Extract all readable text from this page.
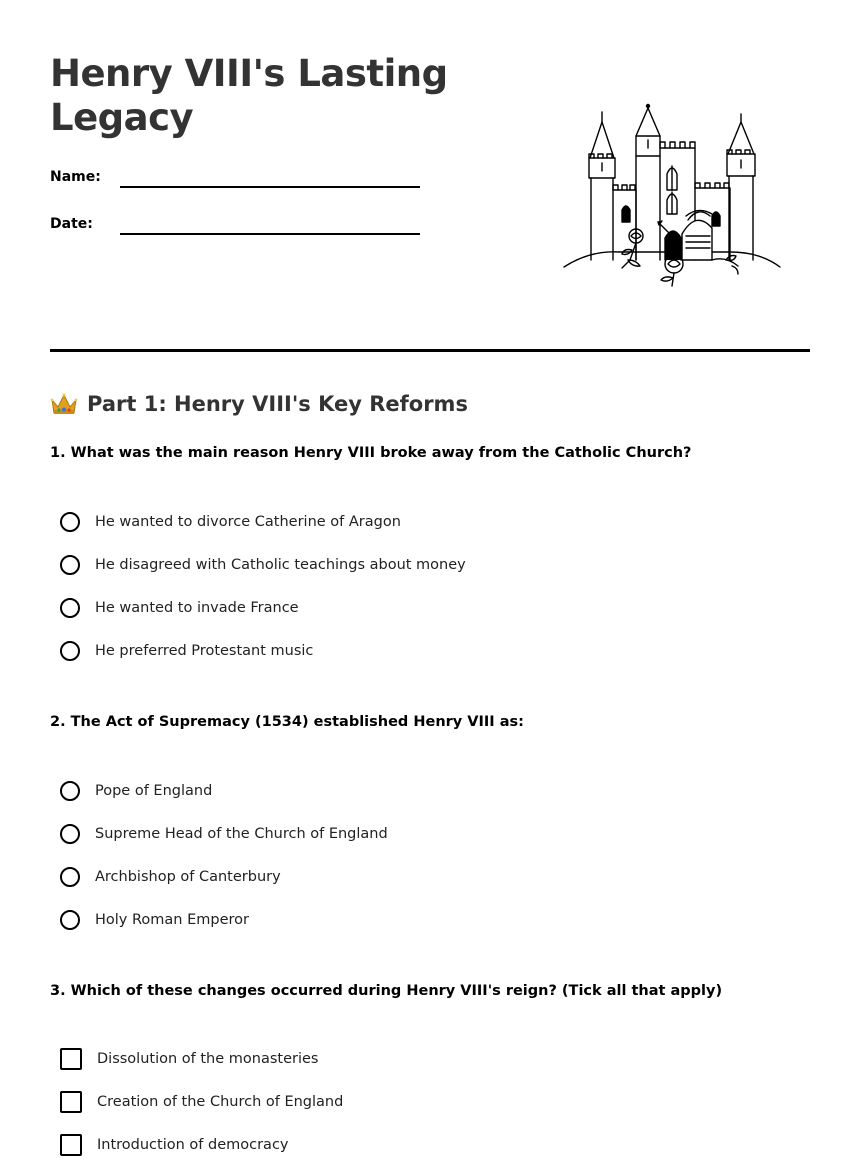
Henry VIII's Lasting Legacy
Name:
Date:
Part 1: Henry VIII's Key Reforms
1. What was the main reason Henry VIII broke away from the Catholic Church?
He wanted to divorce Catherine of Aragon
He disagreed with Catholic teachings about money
He wanted to invade France
He preferred Protestant music
2. The Act of Supremacy (1534) established Henry VIII as:
Pope of England
Supreme Head of the Church of England
Archbishop of Canterbury
Holy Roman Emperor
3. Which of these changes occurred during Henry VIII's reign? (Tick all that apply)
Dissolution of the monasteries
Creation of the Church of England
Introduction of democracy
